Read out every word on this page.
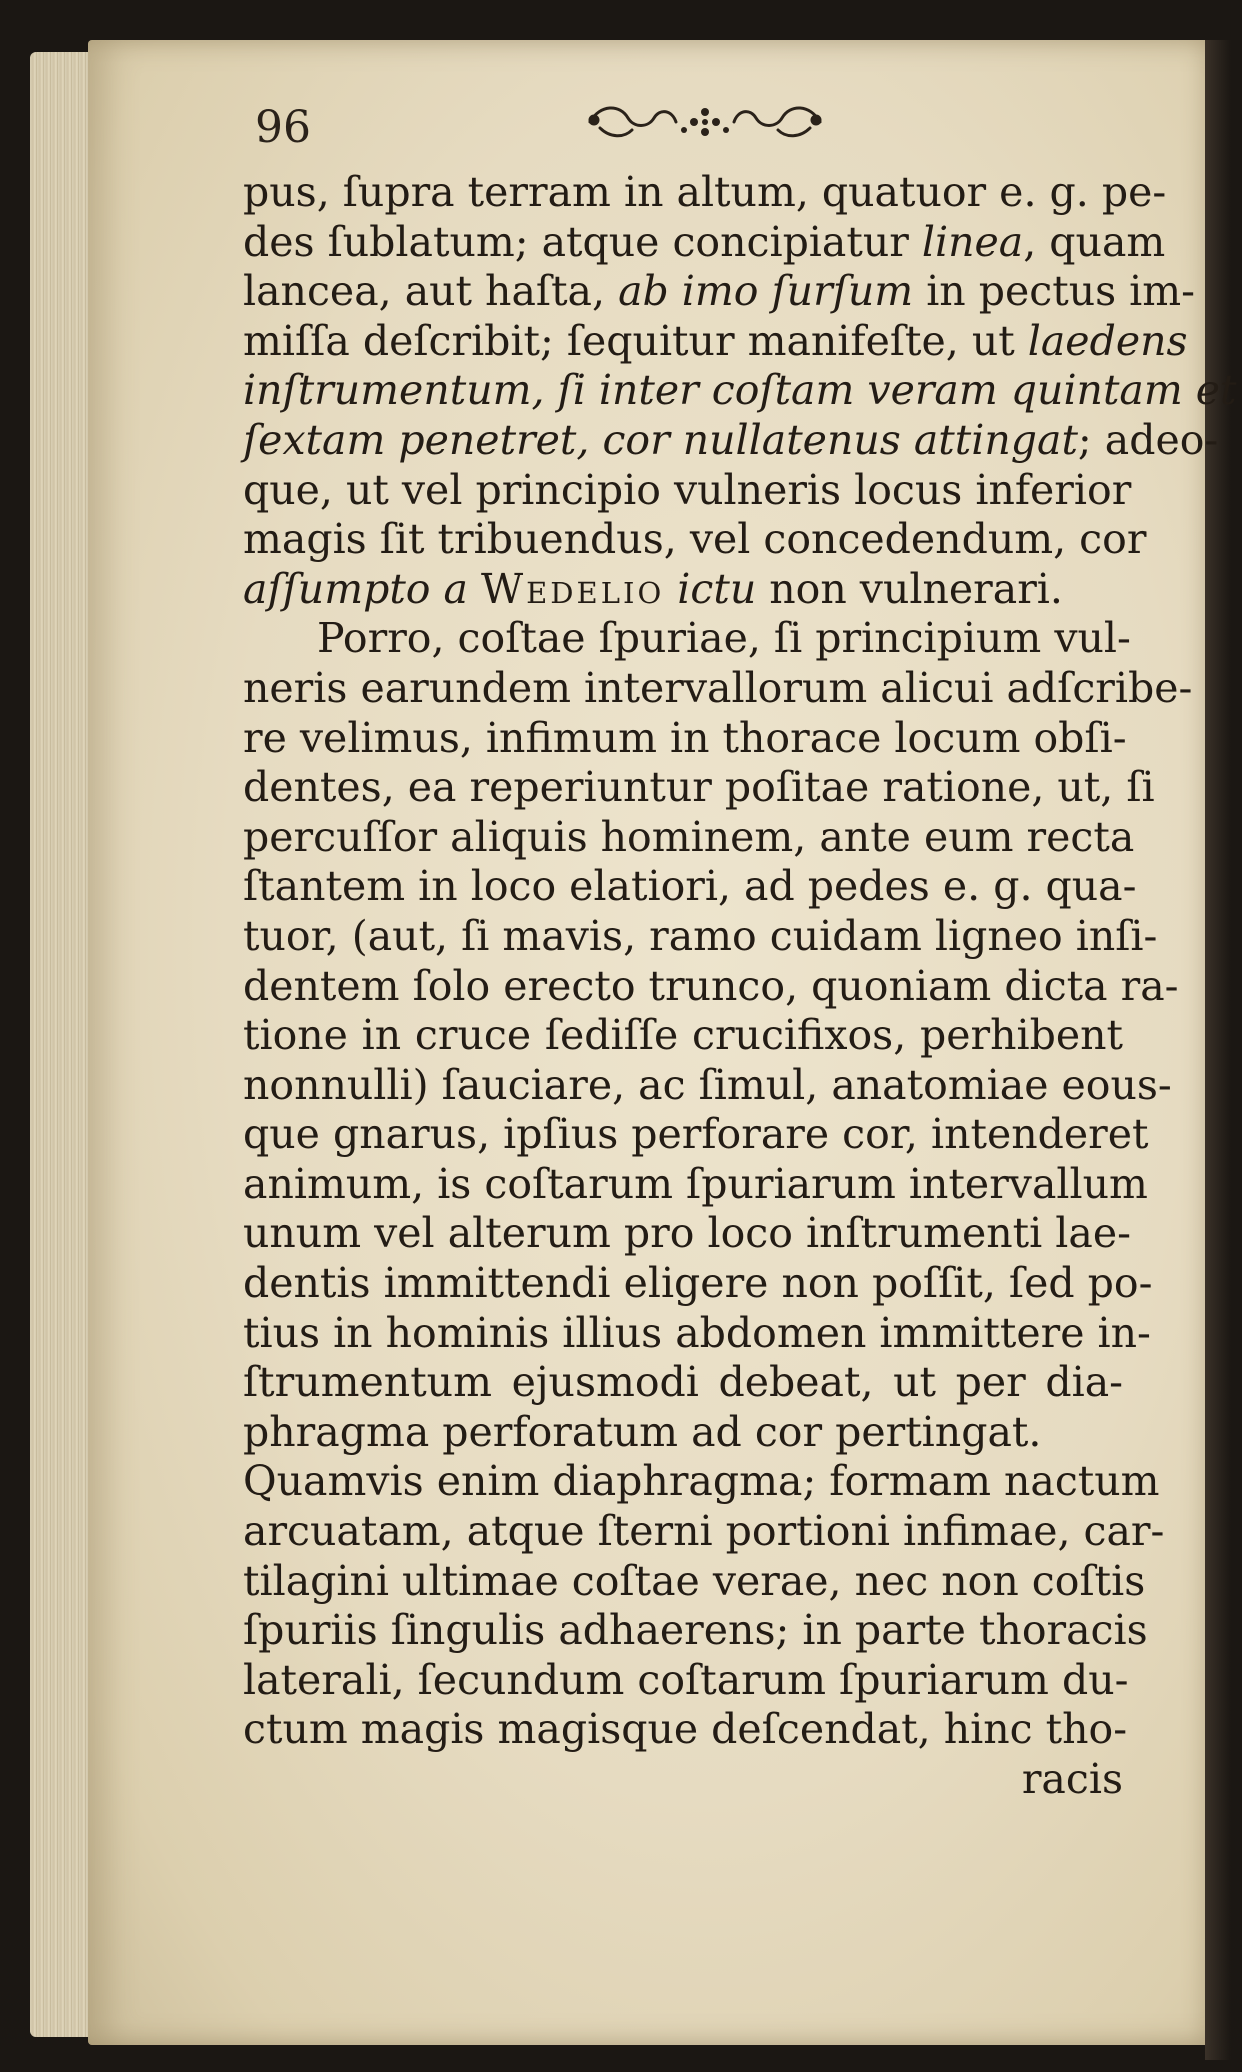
96
pus, ſupra terram in altum, quatuor e. g. pe-
des ſublatum; atque concipiatur linea, quam
lancea, aut haſta, ab imo ſurſum in pectus im-
miſſa deſcribit; ſequitur manifeſte, ut laedens
inſtrumentum, ſi inter coſtam veram quintam et
ſextam penetret, cor nullatenus attingat; adeo-
que, ut vel principio vulneris locus inferior
magis ſit tribuendus, vel concedendum, cor
aſſumpto a Wedelio ictu non vulnerari.
Porro, coſtae ſpuriae, ſi principium vul-
neris earundem intervallorum alicui adſcribe-
re velimus, infimum in thorace locum obſi-
dentes, ea reperiuntur poſitae ratione, ut, ſi
percuſſor aliquis hominem, ante eum recta
ſtantem in loco elatiori, ad pedes e. g. qua-
tuor, (aut, ſi mavis, ramo cuidam ligneo inſi-
dentem ſolo erecto trunco, quoniam dicta ra-
tione in cruce ſediſſe crucifixos, perhibent
nonnulli) ſauciare, ac ſimul, anatomiae eous-
que gnarus, ipſius perforare cor, intenderet
animum, is coſtarum ſpuriarum intervallum
unum vel alterum pro loco inſtrumenti lae-
dentis immittendi eligere non poſſit, ſed po-
tius in hominis illius abdomen immittere in-
ſtrumentum ejusmodi debeat, ut per dia-
phragma perforatum ad cor pertingat.
Quamvis enim diaphragma; formam nactum
arcuatam, atque ſterni portioni infimae, car-
tilagini ultimae coſtae verae, nec non coſtis
ſpuriis ſingulis adhaerens; in parte thoracis
laterali, ſecundum coſtarum ſpuriarum du-
ctum magis magisque deſcendat, hinc tho-
racis
